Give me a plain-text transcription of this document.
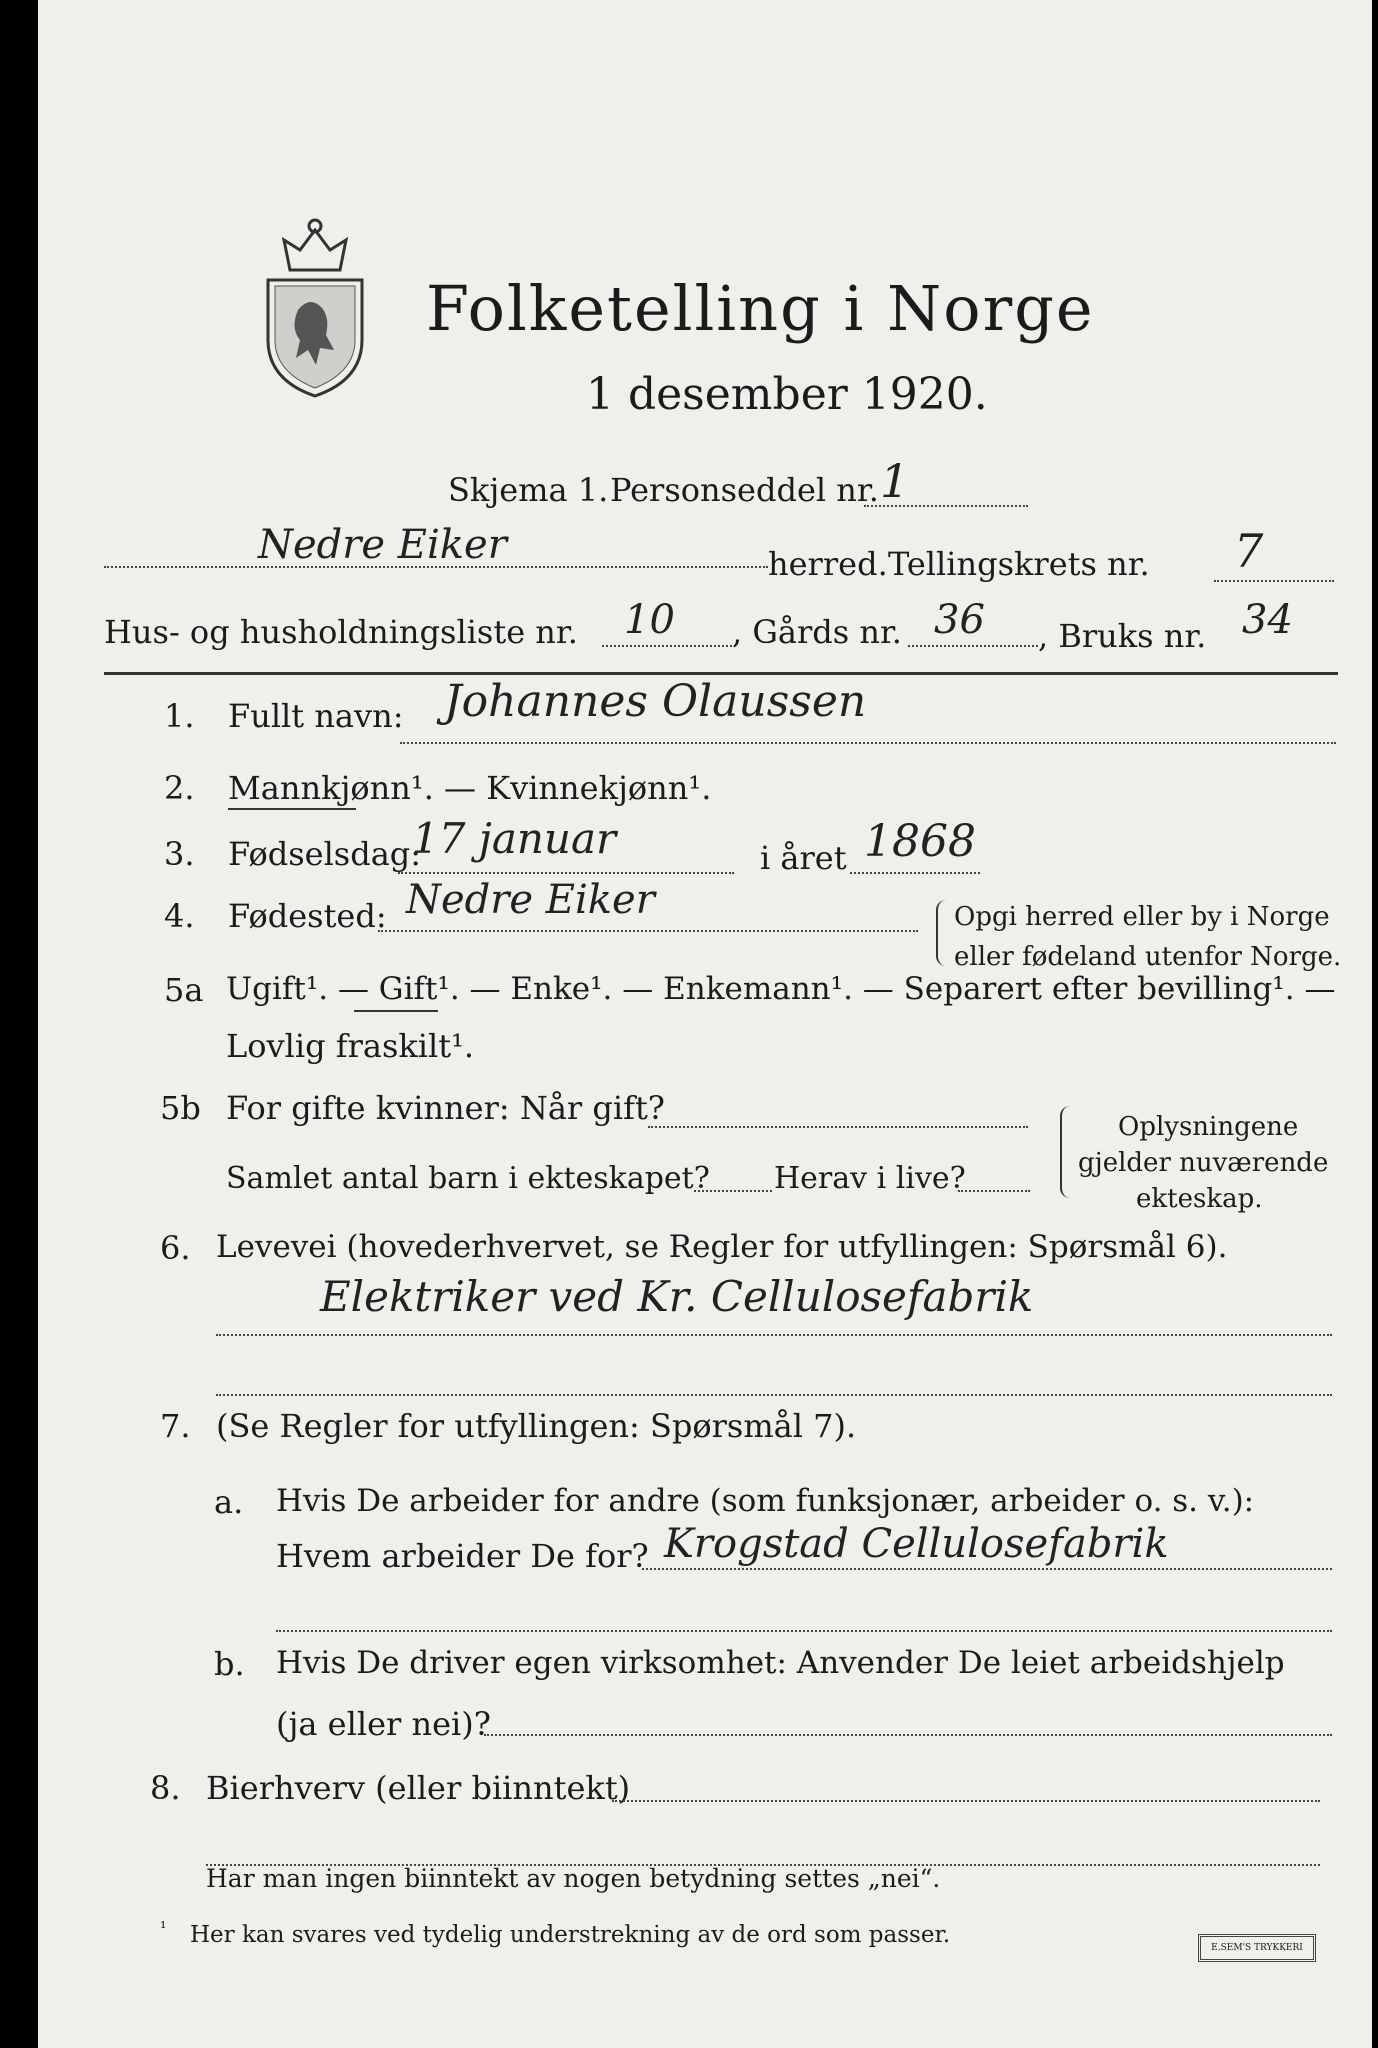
Folketelling i Norge
1 desember 1920.
Skjema 1. Personseddel nr. 1
Nedre Eiker	herred. Tellingskrets nr. 7
Hus- og husholdningsliste nr. 10 , Gårds nr. 36 , Bruks nr. 34
1. Fullt navn: Johannes Olaussen
2. Mannkjønn¹. — Kvinnekjønn¹.
3. Fødselsdag:
17 januar	i året 1868
4. Fødested: Nedre Eiker	Opgi herred eller by i Norge
eller fødeland utenfor Norge.
5a Ugift¹. — Gift¹. — Enke¹. — Enkemann¹. — Separert efter bevilling¹. —
Lovlig fraskilt¹.
5b For gifte kvinner: Når gift?
Samlet antal barn i ekteskapet? Herav i live?
Oplysningene
gjelder nuværende
ekteskap.
6. Levevei (hovederhvervet, se Regler for utfyllingen: Spørsmål 6).
Elektriker ved Kr. Cellulosefabrik
7. (Se Regler for utfyllingen: Spørsmål 7).
a. Hvis De arbeider for andre (som funksjonær, arbeider o. s. v.):
Hvem arbeider De for? Krogstad Cellulosefabrik
b. Hvis De driver egen virksomhet: Anvender De leiet arbeidshjelp
(ja eller nei)?
8. Bierhverv (eller biinntekt)
Har man ingen biinntekt av nogen betydning settes „nei“.
¹ Her kan svares ved tydelig understrekning av de ord som passer.	E.SEM'S TRYKKERI
